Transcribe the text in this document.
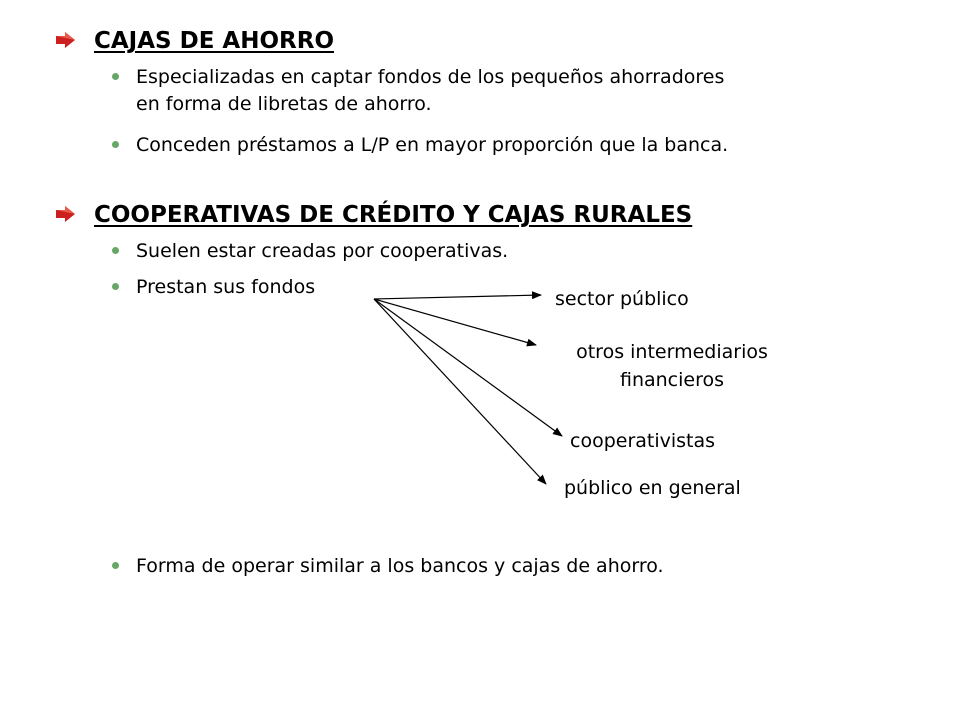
CAJAS DE AHORRO
Especializadas en captar fondos de los pequeños ahorradores
en forma de libretas de ahorro.
Conceden préstamos a L/P en mayor proporción que la banca.
COOPERATIVAS DE CRÉDITO Y CAJAS RURALES
Suelen estar creadas por cooperativas.
Prestan sus fondos
sector público
otros intermediarios
financieros
cooperativistas
público en general
Forma de operar similar a los bancos y cajas de ahorro.
